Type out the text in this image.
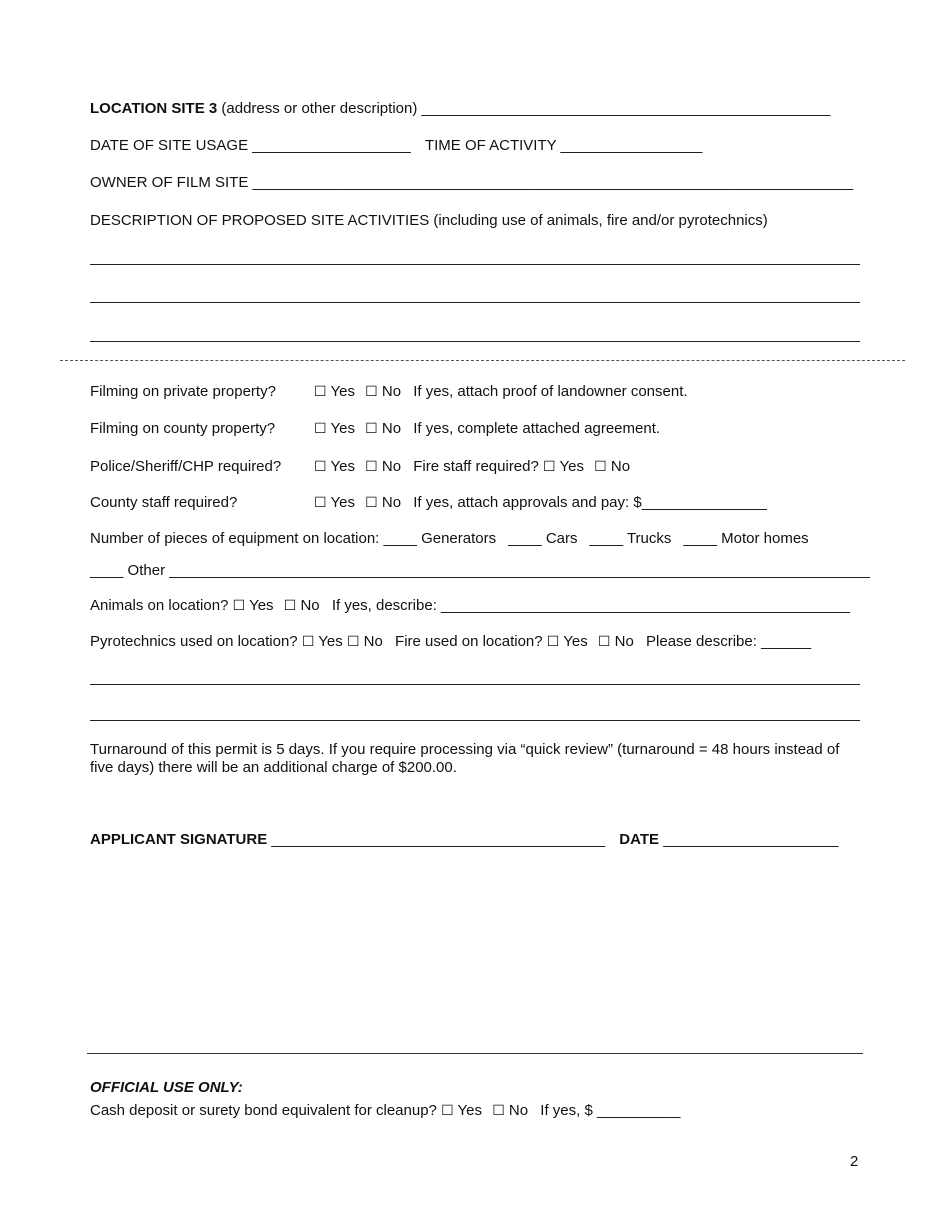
LOCATION SITE 3 (address or other description) _________________________________________________
DATE OF SITE USAGE ___________________ TIME OF ACTIVITY _________________
OWNER OF FILM SITE ________________________________________________________________________
DESCRIPTION OF PROPOSED SITE ACTIVITIES (including use of animals, fire and/or pyrotechnics)
Filming on private property?	☐ Yes ☐ No If yes, attach proof of landowner consent.
Filming on county property?	☐ Yes ☐ No If yes, complete attached agreement.
Police/Sheriff/CHP required?	☐ Yes ☐ No Fire staff required? ☐ Yes ☐ No
County staff required?	☐ Yes ☐ No If yes, attach approvals and pay: $_______________
Number of pieces of equipment on location: ____ Generators ____ Cars ____ Trucks ____ Motor homes
____ Other ____________________________________________________________________________________
Animals on location? ☐ Yes ☐ No If yes, describe: _________________________________________________
Pyrotechnics used on location? ☐ Yes ☐ No Fire used on location? ☐ Yes ☐ No Please describe: ______
Turnaround of this permit is 5 days. If you require processing via “quick review” (turnaround = 48 hours instead of five days) there will be an additional charge of $200.00.
APPLICANT SIGNATURE ________________________________________ DATE _____________________
OFFICIAL USE ONLY:
Cash deposit or surety bond equivalent for cleanup? ☐ Yes ☐ No If yes, $ __________
2
